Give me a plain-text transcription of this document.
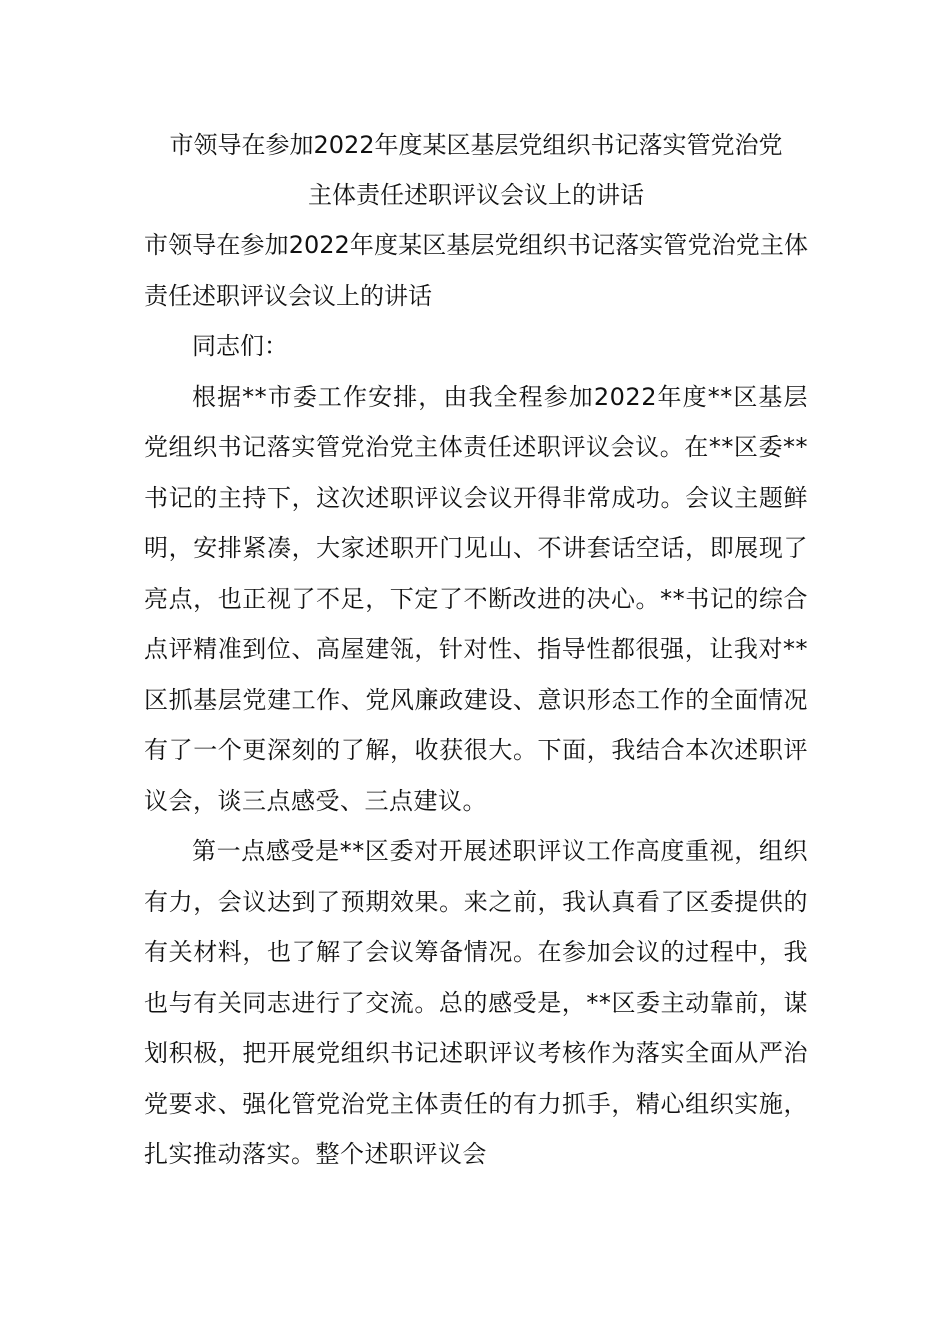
市领导在参加2022年度某区基层党组织书记落实管党治党
主体责任述职评议会议上的讲话

市领导在参加2022年度某区基层党组织书记落实管党治党主体责任述职评议会议上的讲话

同志们：

根据**市委工作安排，由我全程参加2022年度**区基层党组织书记落实管党治党主体责任述职评议会议。在**区委**书记的主持下，这次述职评议会议开得非常成功。会议主题鲜明，安排紧凑，大家述职开门见山、不讲套话空话，即展现了亮点，也正视了不足，下定了不断改进的决心。**书记的综合点评精准到位、高屋建瓴，针对性、指导性都很强，让我对**区抓基层党建工作、党风廉政建设、意识形态工作的全面情况有了一个更深刻的了解，收获很大。下面，我结合本次述职评议会，谈三点感受、三点建议。

第一点感受是**区委对开展述职评议工作高度重视，组织有力，会议达到了预期效果。来之前，我认真看了区委提供的有关材料，也了解了会议筹备情况。在参加会议的过程中，我也与有关同志进行了交流。总的感受是，**区委主动靠前，谋划积极，把开展党组织书记述职评议考核作为落实全面从严治党要求、强化管党治党主体责任的有力抓手，精心组织实施，扎实推动落实。整个述职评议会
